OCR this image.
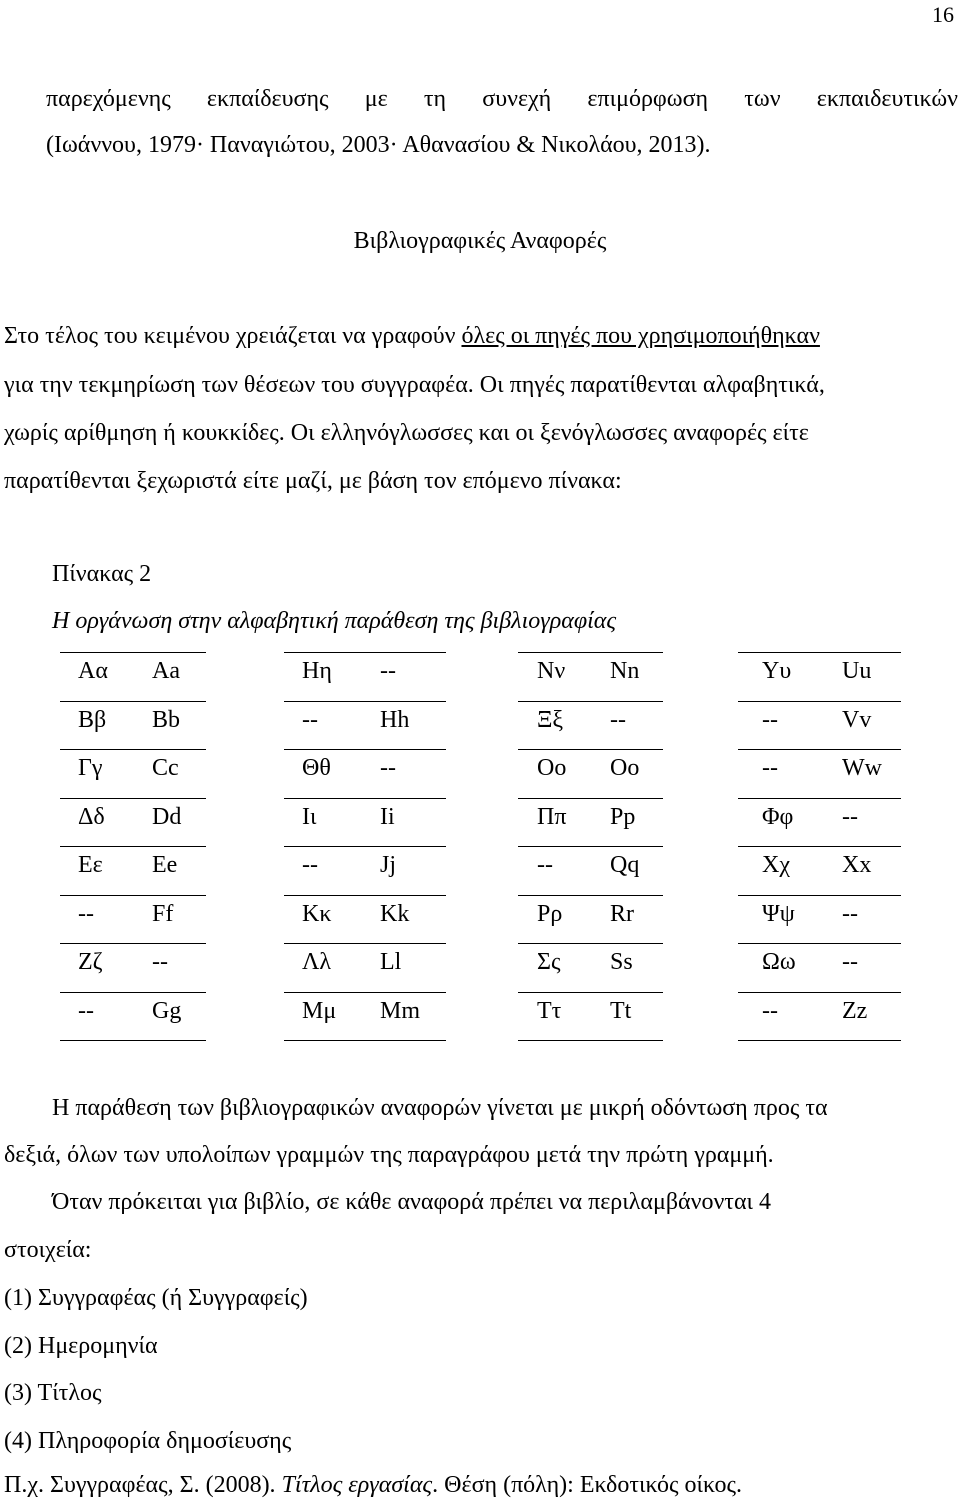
16
παρεχόμενης εκπαίδευσης με τη συνεχή επιμόρφωση των εκπαιδευτικών
(Ιωάννου, 1979· Παναγιώτου, 2003· Αθανασίου & Νικολάου, 2013).
Βιβλιογραφικές Αναφορές
Στο τέλος του κειμένου χρειάζεται να γραφούν όλες οι πηγές που χρησιμοποιήθηκαν
για την τεκμηρίωση των θέσεων του συγγραφέα. Οι πηγές παρατίθενται αλφαβητικά,
χωρίς αρίθμηση ή κουκκίδες. Οι ελληνόγλωσσες και οι ξενόγλωσσες αναφορές είτε
παρατίθενται ξεχωριστά είτε μαζί, με βάση τον επόμενο πίνακα:
Πίνακας 2
Η οργάνωση στην αλφαβητική παράθεση της βιβλιογραφίας
Αα Aa
Ββ Bb
Γγ Cc
Δδ Dd
Εε Ee
-- Ff
Ζζ --
-- Gg
Ηη --
--	Hh
Θθ --
Ιι	Ii
--	Jj
Κκ Kk
Λλ Ll
Μμ Mm
Νν Nn
Ξξ --
Οο Oo
Ππ Pp
-- Qq
Ρρ Rr
Σς Ss
Ττ Tt
Υυ Uu
--	Vv
--	Ww
Φφ --
Χχ Xx
Ψψ --
Ωω --
--	Zz
Η παράθεση των βιβλιογραφικών αναφορών γίνεται με μικρή οδόντωση προς τα
δεξιά, όλων των υπολοίπων γραμμών της παραγράφου μετά την πρώτη γραμμή.
Όταν πρόκειται για βιβλίο, σε κάθε αναφορά πρέπει να περιλαμβάνονται 4
στοιχεία:
(1) Συγγραφέας (ή Συγγραφείς)
(2) Ημερομηνία
(3) Τίτλος
(4) Πληροφορία δημοσίευσης
Π.χ. Συγγραφέας, Σ. (2008). Τίτλος εργασίας. Θέση (πόλη): Εκδοτικός οίκος.
